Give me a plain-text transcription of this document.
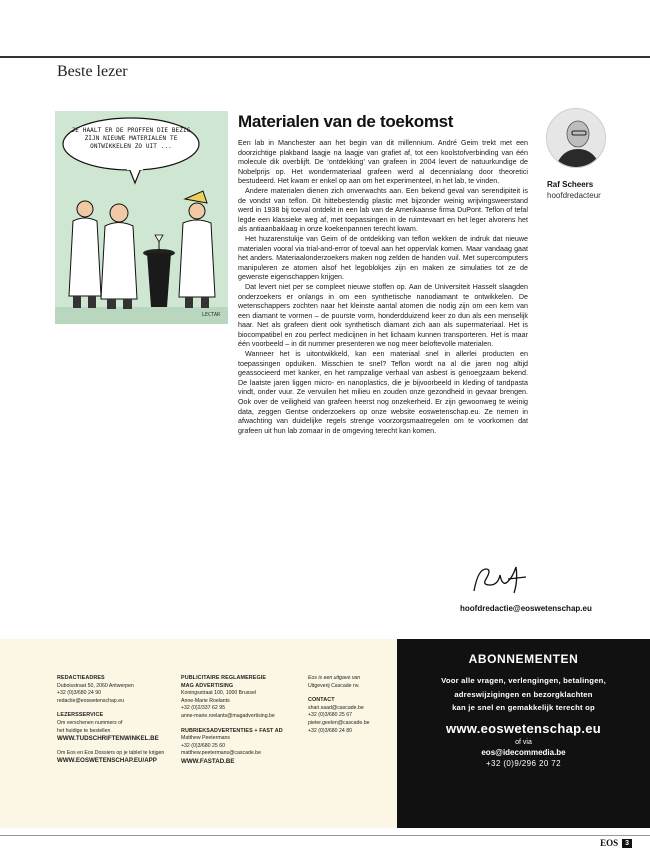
Beste lezer
JE HAALT ER DE PROFFEN DIE BEZIG ZIJN NIEUWE MATERIALEN TE ONTWIKKELEN ZO UIT ...
LECTAR
Materialen van de toekomst

Een lab in Manchester aan het begin van dit millennium. André Geim trekt met een doorzichtige plakband laagje na laagje van grafiet af, tot een koolstofverbinding van één molecule dik overblijft. De ‘ontdekking’ van grafeen in 2004 levert de natuurkundige de Nobelprijs op. Het wondermateriaal grafeen werd al decennialang door theoretici bestudeerd. Het kwam er enkel op aan om het experimenteel, in het lab, te vinden.

Andere materialen dienen zich onverwachts aan. Een bekend geval van serendipiteit is de vondst van teflon. Dit hittebestendig plastic met bijzonder weinig wrijvingsweerstand werd in 1938 bij toeval ontdekt in een lab van de Amerikaanse firma DuPont. Teflon of tefal legde een klassieke weg af, met toepassingen in de ruimtevaart en het leger alvorens het als antiaanbaklaag in onze koekenpannen terecht kwam.

Het huzarenstukje van Geim of de ontdekking van teflon wekken de indruk dat nieuwe materialen vooral via trial-and-error of toeval aan het oppervlak komen. Maar vandaag gaat het anders. Materiaalonderzoekers maken nog zelden de handen vuil. Met supercomputers manipuleren ze atomen alsof het legoblokjes zijn en maken ze simulaties tot ze de gewenste eigenschappen krijgen.

Dat levert niet per se compleet nieuwe stoffen op. Aan de Universiteit Hasselt slaagden onderzoekers er onlangs in om een synthetische nanodiamant te ontwikkelen. De wetenschappers zochten naar het kleinste aantal atomen die nodig zijn om een kern van een diamant te vormen – de puurste vorm, honderdduizend keer zo dun als een menselijk haar. Net als grafeen dient ook synthetisch diamant zich aan als supermateriaal. Het is biocompatibel en zou perfect medicijnen in het lichaam kunnen transporteren. Het is maar één voorbeeld – in dit nummer presenteren we nog meer beloftevolle materialen.

Wanneer het is uitontwikkeld, kan een materiaal snel in allerlei producten en toepassingen opduiken. Misschien te snel? Teflon wordt na al die jaren nog altijd geassocieerd met kanker, en het rampzalige verhaal van asbest is genoegzaam bekend. De laatste jaren liggen micro- en nanoplastics, die je bijvoorbeeld in kleding of tandpasta vindt, onder vuur. Ze vervuilen het milieu en zouden onze gezondheid in gevaar brengen. Ook over de veiligheid van grafeen heerst nog onzekerheid. Er zijn gewoonweg te weinig data, zeggen Gentse onderzoekers op onze website eoswetenschap.eu. Ze nemen in afwachting van duidelijke regels strenge voorzorgsmaatregelen om te voorkomen dat grafeen uit hun lab zomaar in de omgeving terecht kan komen.

Raf Scheers
hoofdredacteur
hoofdredactie@eoswetenschap.eu
REDACTIEADRES
Duboisstraat 50, 2060 Antwerpen
+32 (0)3/680 24 90
redactie@eoswetenschap.eu
LEZERSSERVICE
Om verschenen nummers of
het huidige te bestellen
WWW.TUDSCHRIFTENWINKEL.BE
Om Eos en Eos Dossiers op je tablet te krijgen
WWW.EOSWETENSCHAP.EU/APP
PUBLICITAIRE REGLAMEREGIE
MAG ADVERTISING
Koningsstraat 100, 1000 Brussel
Anne-Marie Roelants
+32 (0)2/337 62 95
anne-marie.roelants@magadvertising.be
RUBRIEKSADVERTENTIES + FAST AD
Matthew Peetermans
+32 (0)3/680 25 60
matthew.peetermans@cascade.be
WWW.FASTAD.BE
Eos is een uitgave van
Uitgeverij Cascade nv.
CONTACT
shari.saad@cascade.be
+32 (0)3/680 25 67
pieter.geelen@cascade.be
+32 (0)3/680 24 80
ABONNEMENTEN
Voor alle vragen, verlengingen, betalingen,
adreswijzigingen en bezorgklachten
kan je snel en gemakkelijk terecht op
www.eoswetenschap.eu
of via
eos@idecommedia.be
+32 (0)9/296 20 72
EOS	3
